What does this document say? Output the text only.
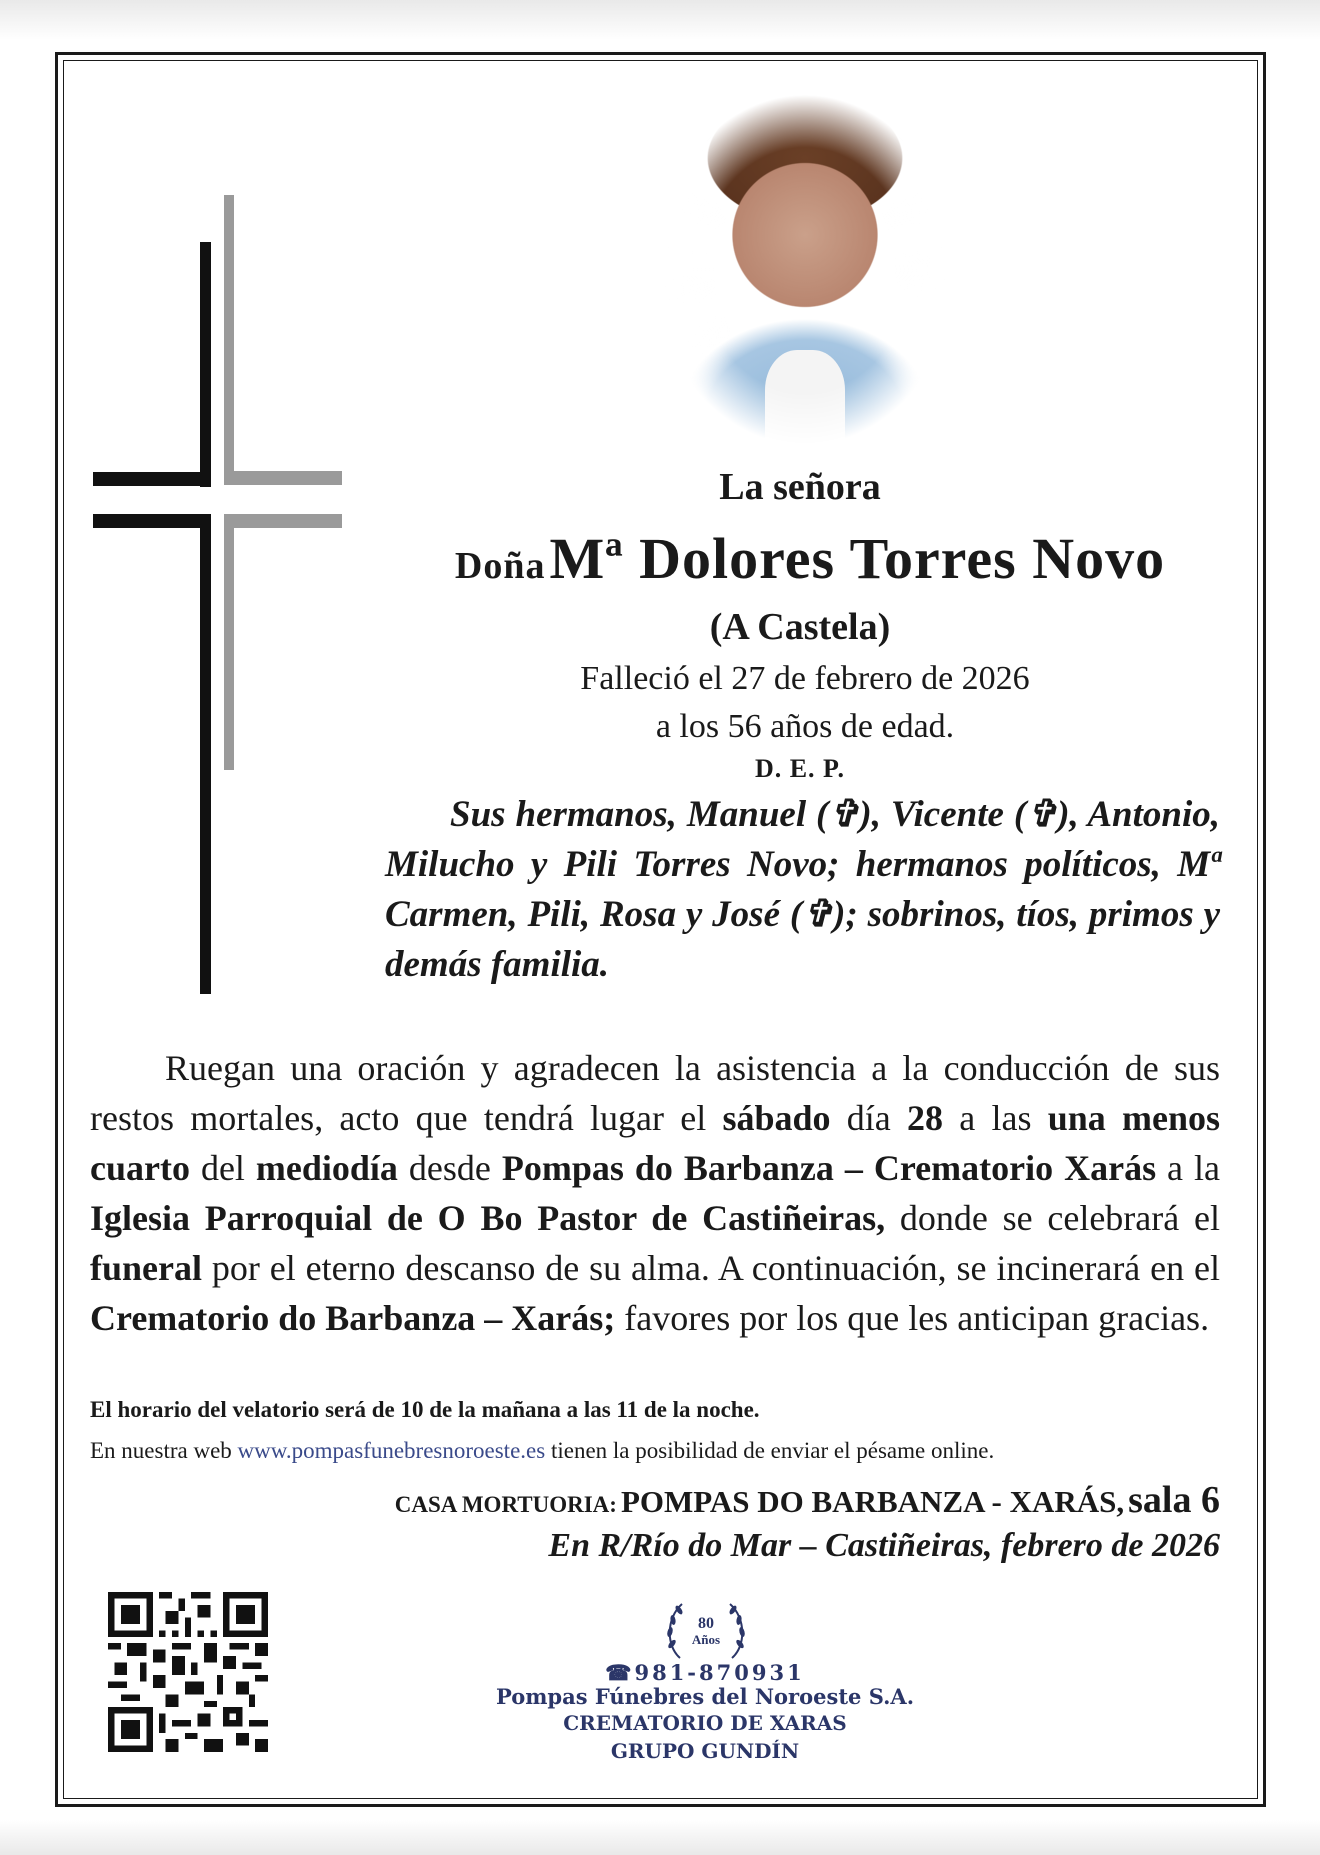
La señora
Doña Mª Dolores Torres Novo
(A Castela)
Falleció el 27 de febrero de 2026
a los 56 años de edad.
D. E. P.
Sus hermanos, Manuel (✞), Vicente (✞), Antonio, Milucho y Pili Torres Novo; hermanos políticos, Mª Carmen, Pili, Rosa y José (✞); sobrinos, tíos, primos y demás familia.
Ruegan una oración y agradecen la asistencia a la conducción de sus restos mortales, acto que tendrá lugar el sábado día 28 a las una menos cuarto del mediodía desde Pompas do Barbanza – Crematorio Xarás a la Iglesia Parroquial de O Bo Pastor de Castiñeiras, donde se celebrará el funeral por el eterno descanso de su alma. A continuación, se incinerará en el Crematorio do Barbanza – Xarás; favores por los que les anticipan gracias.
El horario del velatorio será de 10 de la mañana a las 11 de la noche.
En nuestra web www.pompasfunebresnoroeste.es tienen la posibilidad de enviar el pésame online.
CASA MORTUORIA: POMPAS DO BARBANZA - XARÁS, sala 6
En R/Río do Mar – Castiñeiras, febrero de 2026
80
Años
☎981-870931
Pompas Fúnebres del Noroeste S.A.
CREMATORIO DE XARAS
GRUPO GUNDÍN
